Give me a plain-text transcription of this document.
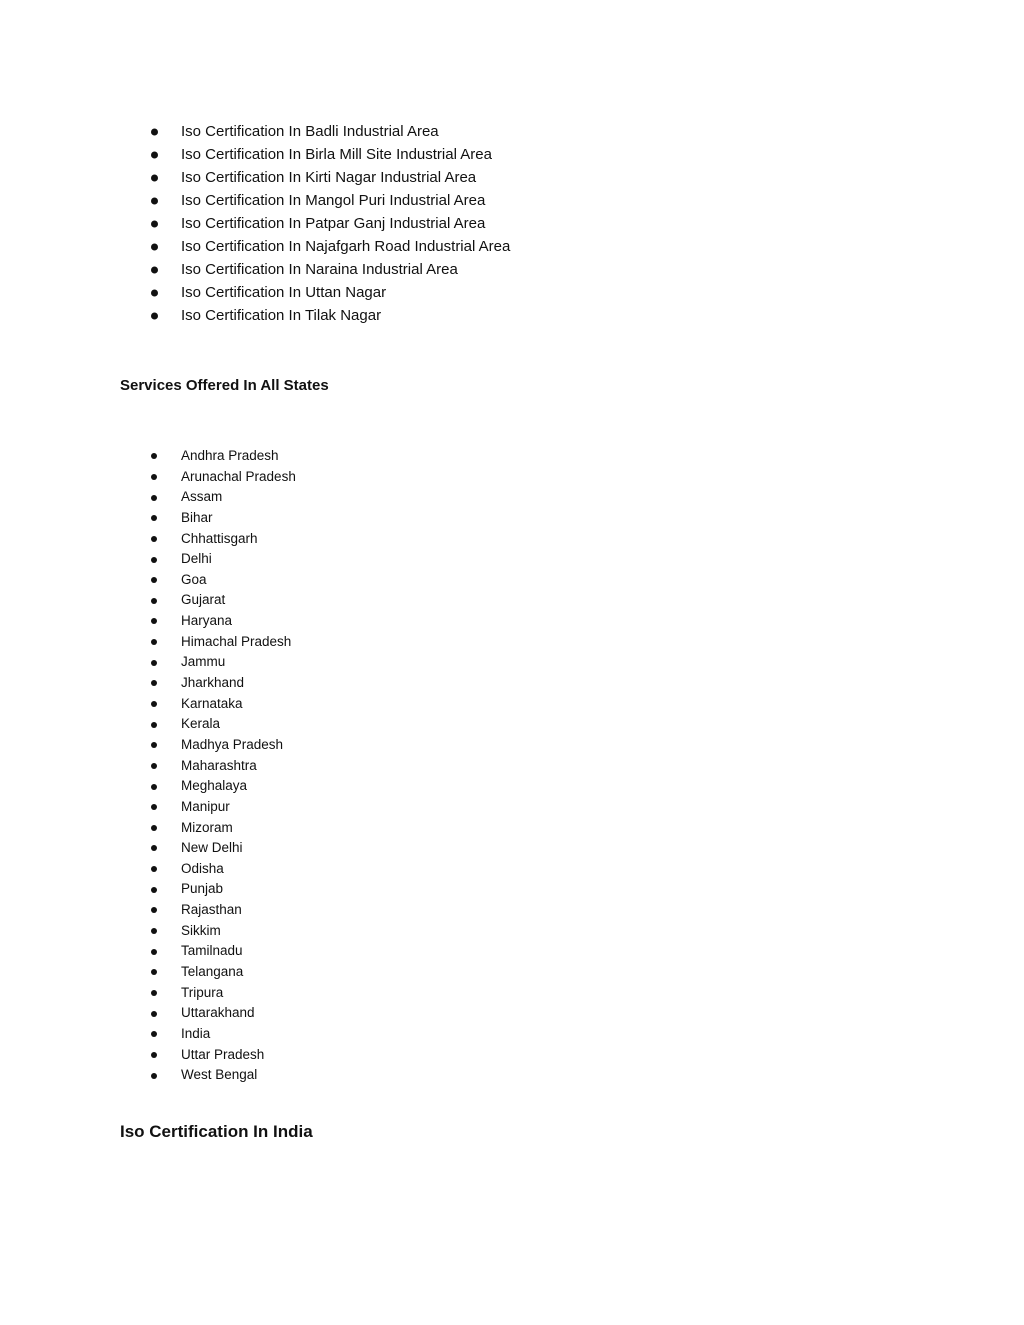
Iso Certification In Badli Industrial Area
Iso Certification In Birla Mill Site Industrial Area
Iso Certification In Kirti Nagar Industrial Area
Iso Certification In Mangol Puri Industrial Area
Iso Certification In Patpar Ganj Industrial Area
Iso Certification In Najafgarh Road Industrial Area
Iso Certification In Naraina Industrial Area
Iso Certification In Uttan Nagar
Iso Certification In Tilak Nagar
Services Offered In All States
Andhra Pradesh
Arunachal Pradesh
Assam
Bihar
Chhattisgarh
Delhi
Goa
Gujarat
Haryana
Himachal Pradesh
Jammu
Jharkhand
Karnataka
Kerala
Madhya Pradesh
Maharashtra
Meghalaya
Manipur
Mizoram
New Delhi
Odisha
Punjab
Rajasthan
Sikkim
Tamilnadu
Telangana
Tripura
Uttarakhand
India
Uttar Pradesh
West Bengal
Iso Certification In India
